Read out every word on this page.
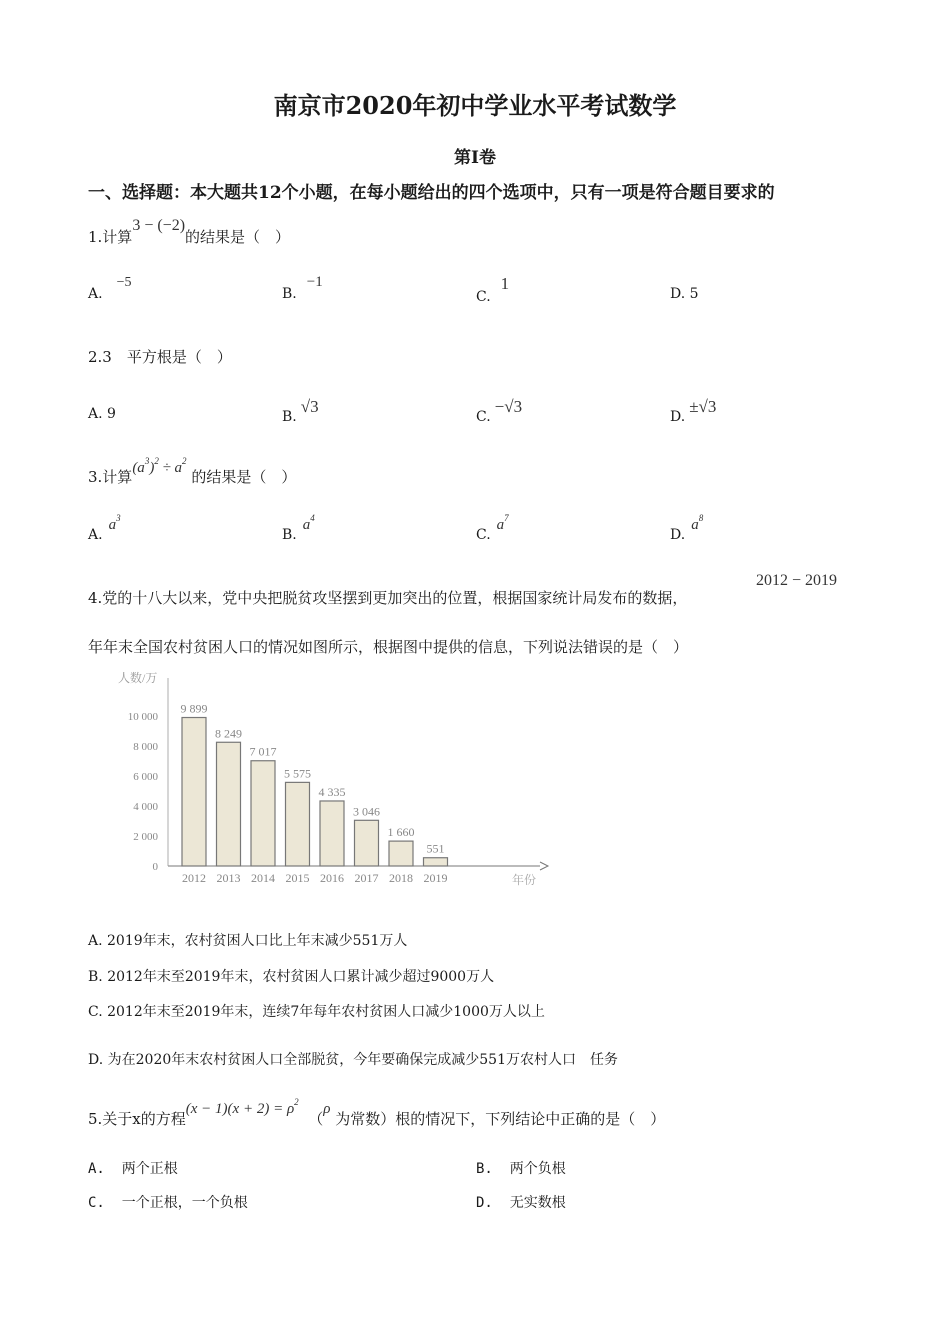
南京市2020年初中学业水平考试数学
第Ⅰ卷
一、选择题：本大题共12个小题，在每小题给出的四个选项中，只有一项是符合题目要求的
1.计算3 − (−2)的结果是（　）
A.−5
B.−1
C.1
D. 5
2.3　平方根是（　）
A. 9	B.√3
C.−√3
D.±√3
3.计算$(a^3)^2 \div a^2$ 的结果是（　）
$A.a^3$
$B.a^4$
$C.a^7$
$D.a^8$
4.党的十八大以来，党中央把脱贫攻坚摆到更加突出的位置，根据国家统计局发布的数据，
2012 − 2019
年年末全国农村贫困人口的情况如图所示，根据图中提供的信息，下列说法错误的是（　）
人数/万
年份
0
2 000
4 000
6 000
8 000
10 000
9 899
2012
8 249
2013
7 017
2014
5 575
2015
4 335
2016
3 046
2017
1 660
2018
551
2019
A. 2019年末，农村贫困人口比上年末减少551万人
B. 2012年末至2019年末，农村贫困人口累计减少超过9000万人
C. 2012年末至2019年末，连续7年每年农村贫困人口减少1000万人以上
D. 为在2020年末农村贫困人口全部脱贫，今年要确保完成减少551万农村人口　任务
5.关于x的方程$(x - 1)(x + 2) = \rho^2$  （ρ 为常数）根的情况下，下列结论中正确的是（　）
A. 两个正根	B. 两个负根
C. 一个正根，一个负根	D. 无实数根
